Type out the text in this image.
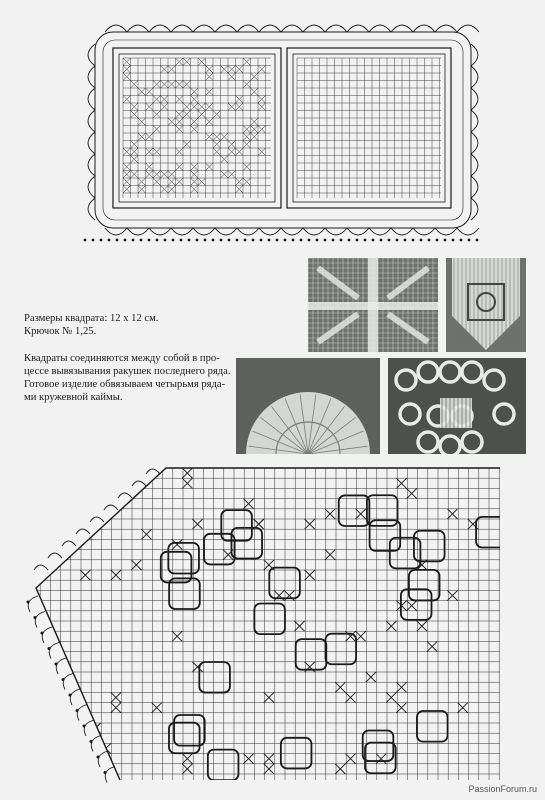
Размеры квадрата: 12 x 12 см.
Крючок № 1,25.

Квадраты соединяются между собой в про-
цессе вывязывания ракушек последнего ряда.
Готовое изделие обвязываем четырьмя ряда-
ми кружевной каймы.

PassionForum.ru
